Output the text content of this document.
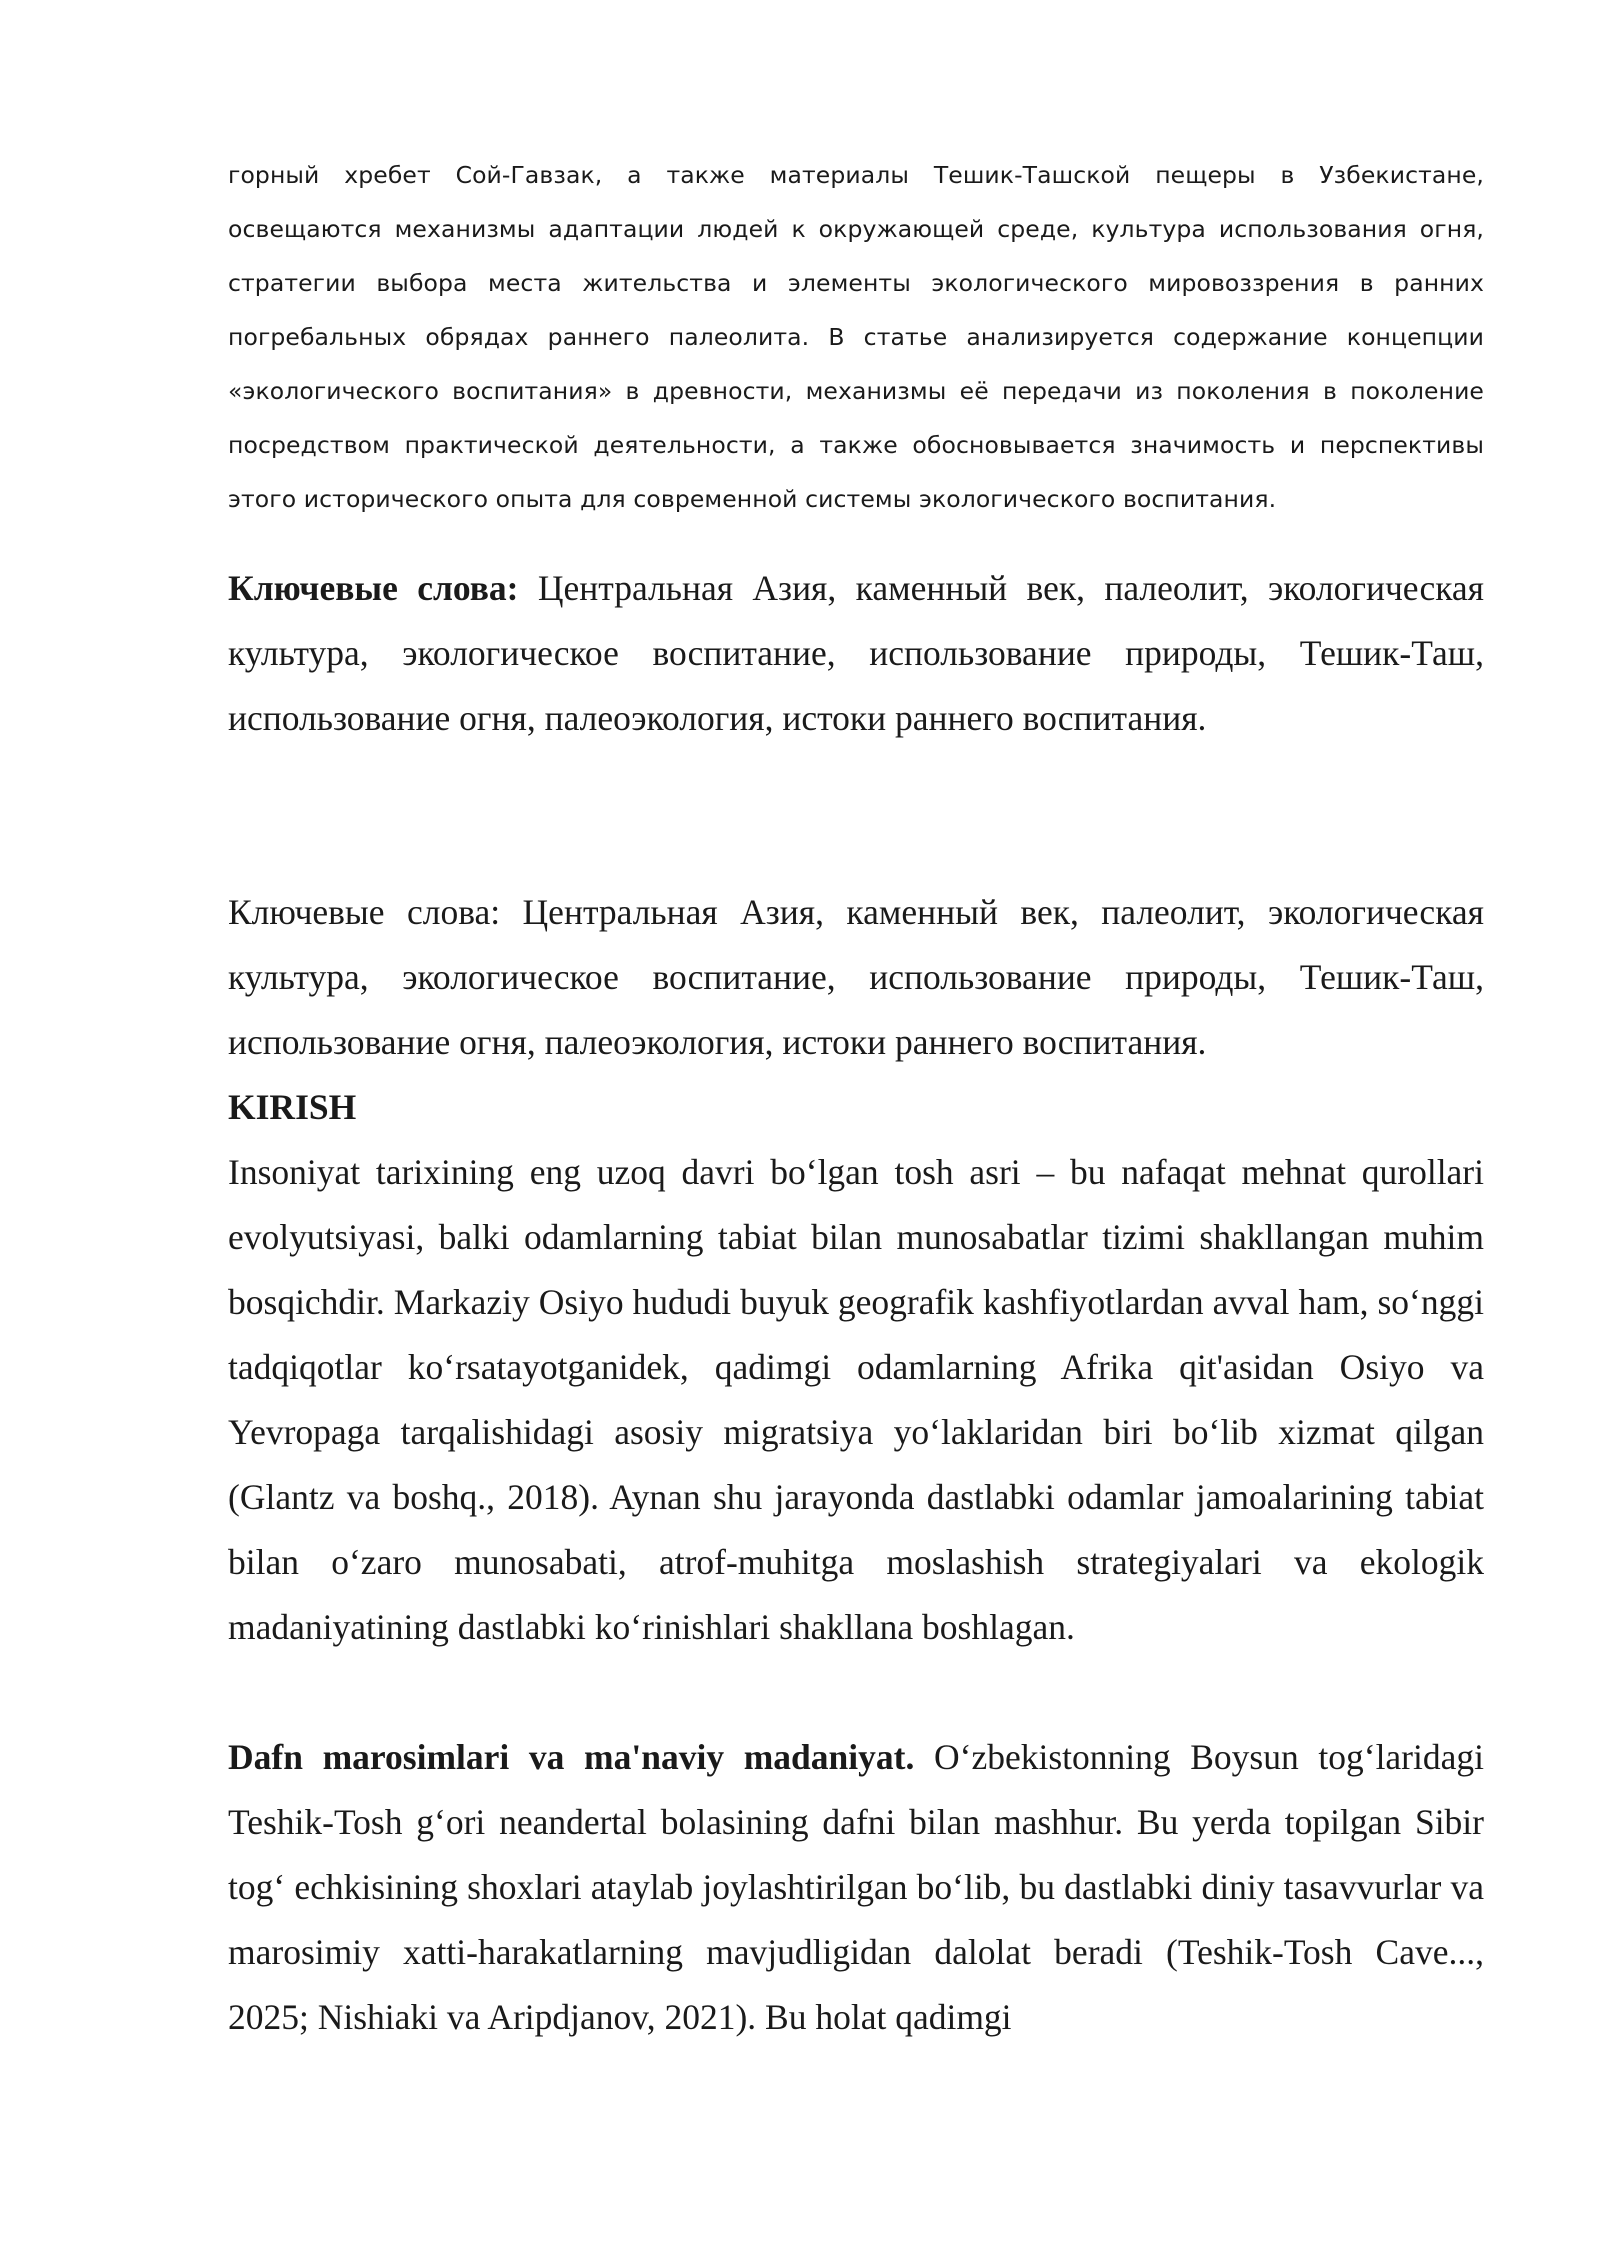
горный хребет Сой-Гавзак, а также материалы Тешик-Ташской пещеры в Узбекистане, освещаются механизмы адаптации людей к окружающей среде, культура использования огня, стратегии выбора места жительства и элементы экологического мировоззрения в ранних погребальных обрядах раннего палеолита. В статье анализируется содержание концепции «экологического воспитания» в древности, механизмы её передачи из поколения в поколение посредством практической деятельности, а также обосновывается значимость и перспективы этого исторического опыта для современной системы экологического воспитания.

Ключевые слова: Центральная Азия, каменный век, палеолит, экологическая культура, экологическое воспитание, использование природы, Тешик-Таш, использование огня, палеоэкология, истоки раннего воспитания.

Ключевые слова: Центральная Азия, каменный век, палеолит, экологическая культура, экологическое воспитание, использование природы, Тешик-Таш, использование огня, палеоэкология, истоки раннего воспитания.

KIRISH

Insoniyat tarixining eng uzoq davri bo‘lgan tosh asri – bu nafaqat mehnat qurollari evolyutsiyasi, balki odamlarning tabiat bilan munosabatlar tizimi shakllangan muhim bosqichdir. Markaziy Osiyo hududi buyuk geografik kashfiyotlardan avval ham, so‘nggi tadqiqotlar ko‘rsatayotganidek, qadimgi odamlarning Afrika qit'asidan Osiyo va Yevropaga tarqalishidagi asosiy migratsiya yo‘laklaridan biri bo‘lib xizmat qilgan (Glantz va boshq., 2018). Aynan shu jarayonda dastlabki odamlar jamoalarining tabiat bilan o‘zaro munosabati, atrof-muhitga moslashish strategiyalari va ekologik madaniyatining dastlabki ko‘rinishlari shakllana boshlagan.

Dafn marosimlari va ma'naviy madaniyat. O‘zbekistonning Boysun tog‘laridagi Teshik-Tosh g‘ori neandertal bolasining dafni bilan mashhur. Bu yerda topilgan Sibir tog‘ echkisining shoxlari ataylab joylashtirilgan bo‘lib, bu dastlabki diniy tasavvurlar va marosimiy xatti-harakatlarning mavjudligidan dalolat beradi (Teshik-Tosh Cave..., 2025; Nishiaki va Aripdjanov, 2021). Bu holat qadimgi
